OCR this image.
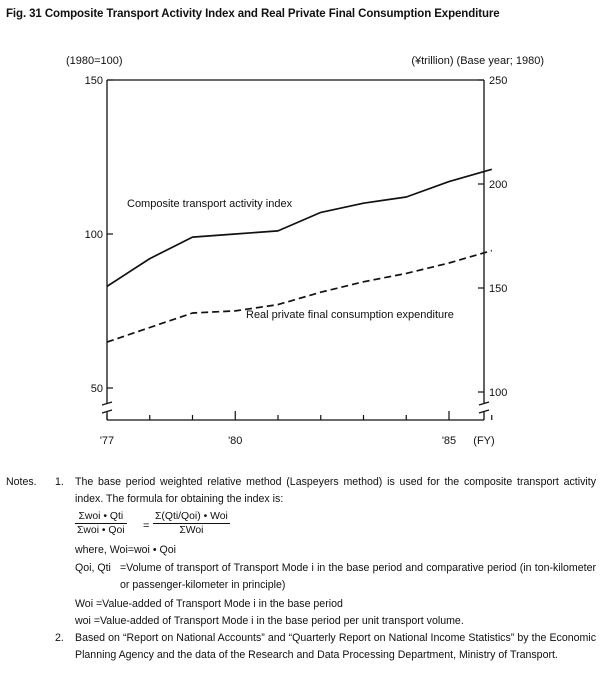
Fig. 31 Composite Transport Activity Index and Real Private Final Consumption Expenditure
150
100
50
250
200
150
100
'77	'80	'85 (FY)
(1980=100)	(¥trillion) (Base year; 1980)
Composite transport activity index
Real private final consumption expenditure
Notes. 1. The base period weighted relative method (Laspeyers method) is used for the composite transport activity index. The formula for obtaining the index is:
Σwoi • Qti
Σwoi • Qoi =
Σ(Qti/Qoi) • Woi
ΣWoi
where, Woi=woi • Qoi
Qoi, Qti =Volume of transport of Transport Mode i in the base period and comparative period (in ton-kilometer or passenger-kilometer in principle)
Woi =Value-added of Transport Mode i in the base period
woi =Value-added of Transport Mode i in the base period per unit transport volume.
2. Based on “Report on National Accounts” and “Quarterly Report on National Income Statistics” by the Economic Planning Agency and the data of the Research and Data Processing Department, Ministry of Transport.
